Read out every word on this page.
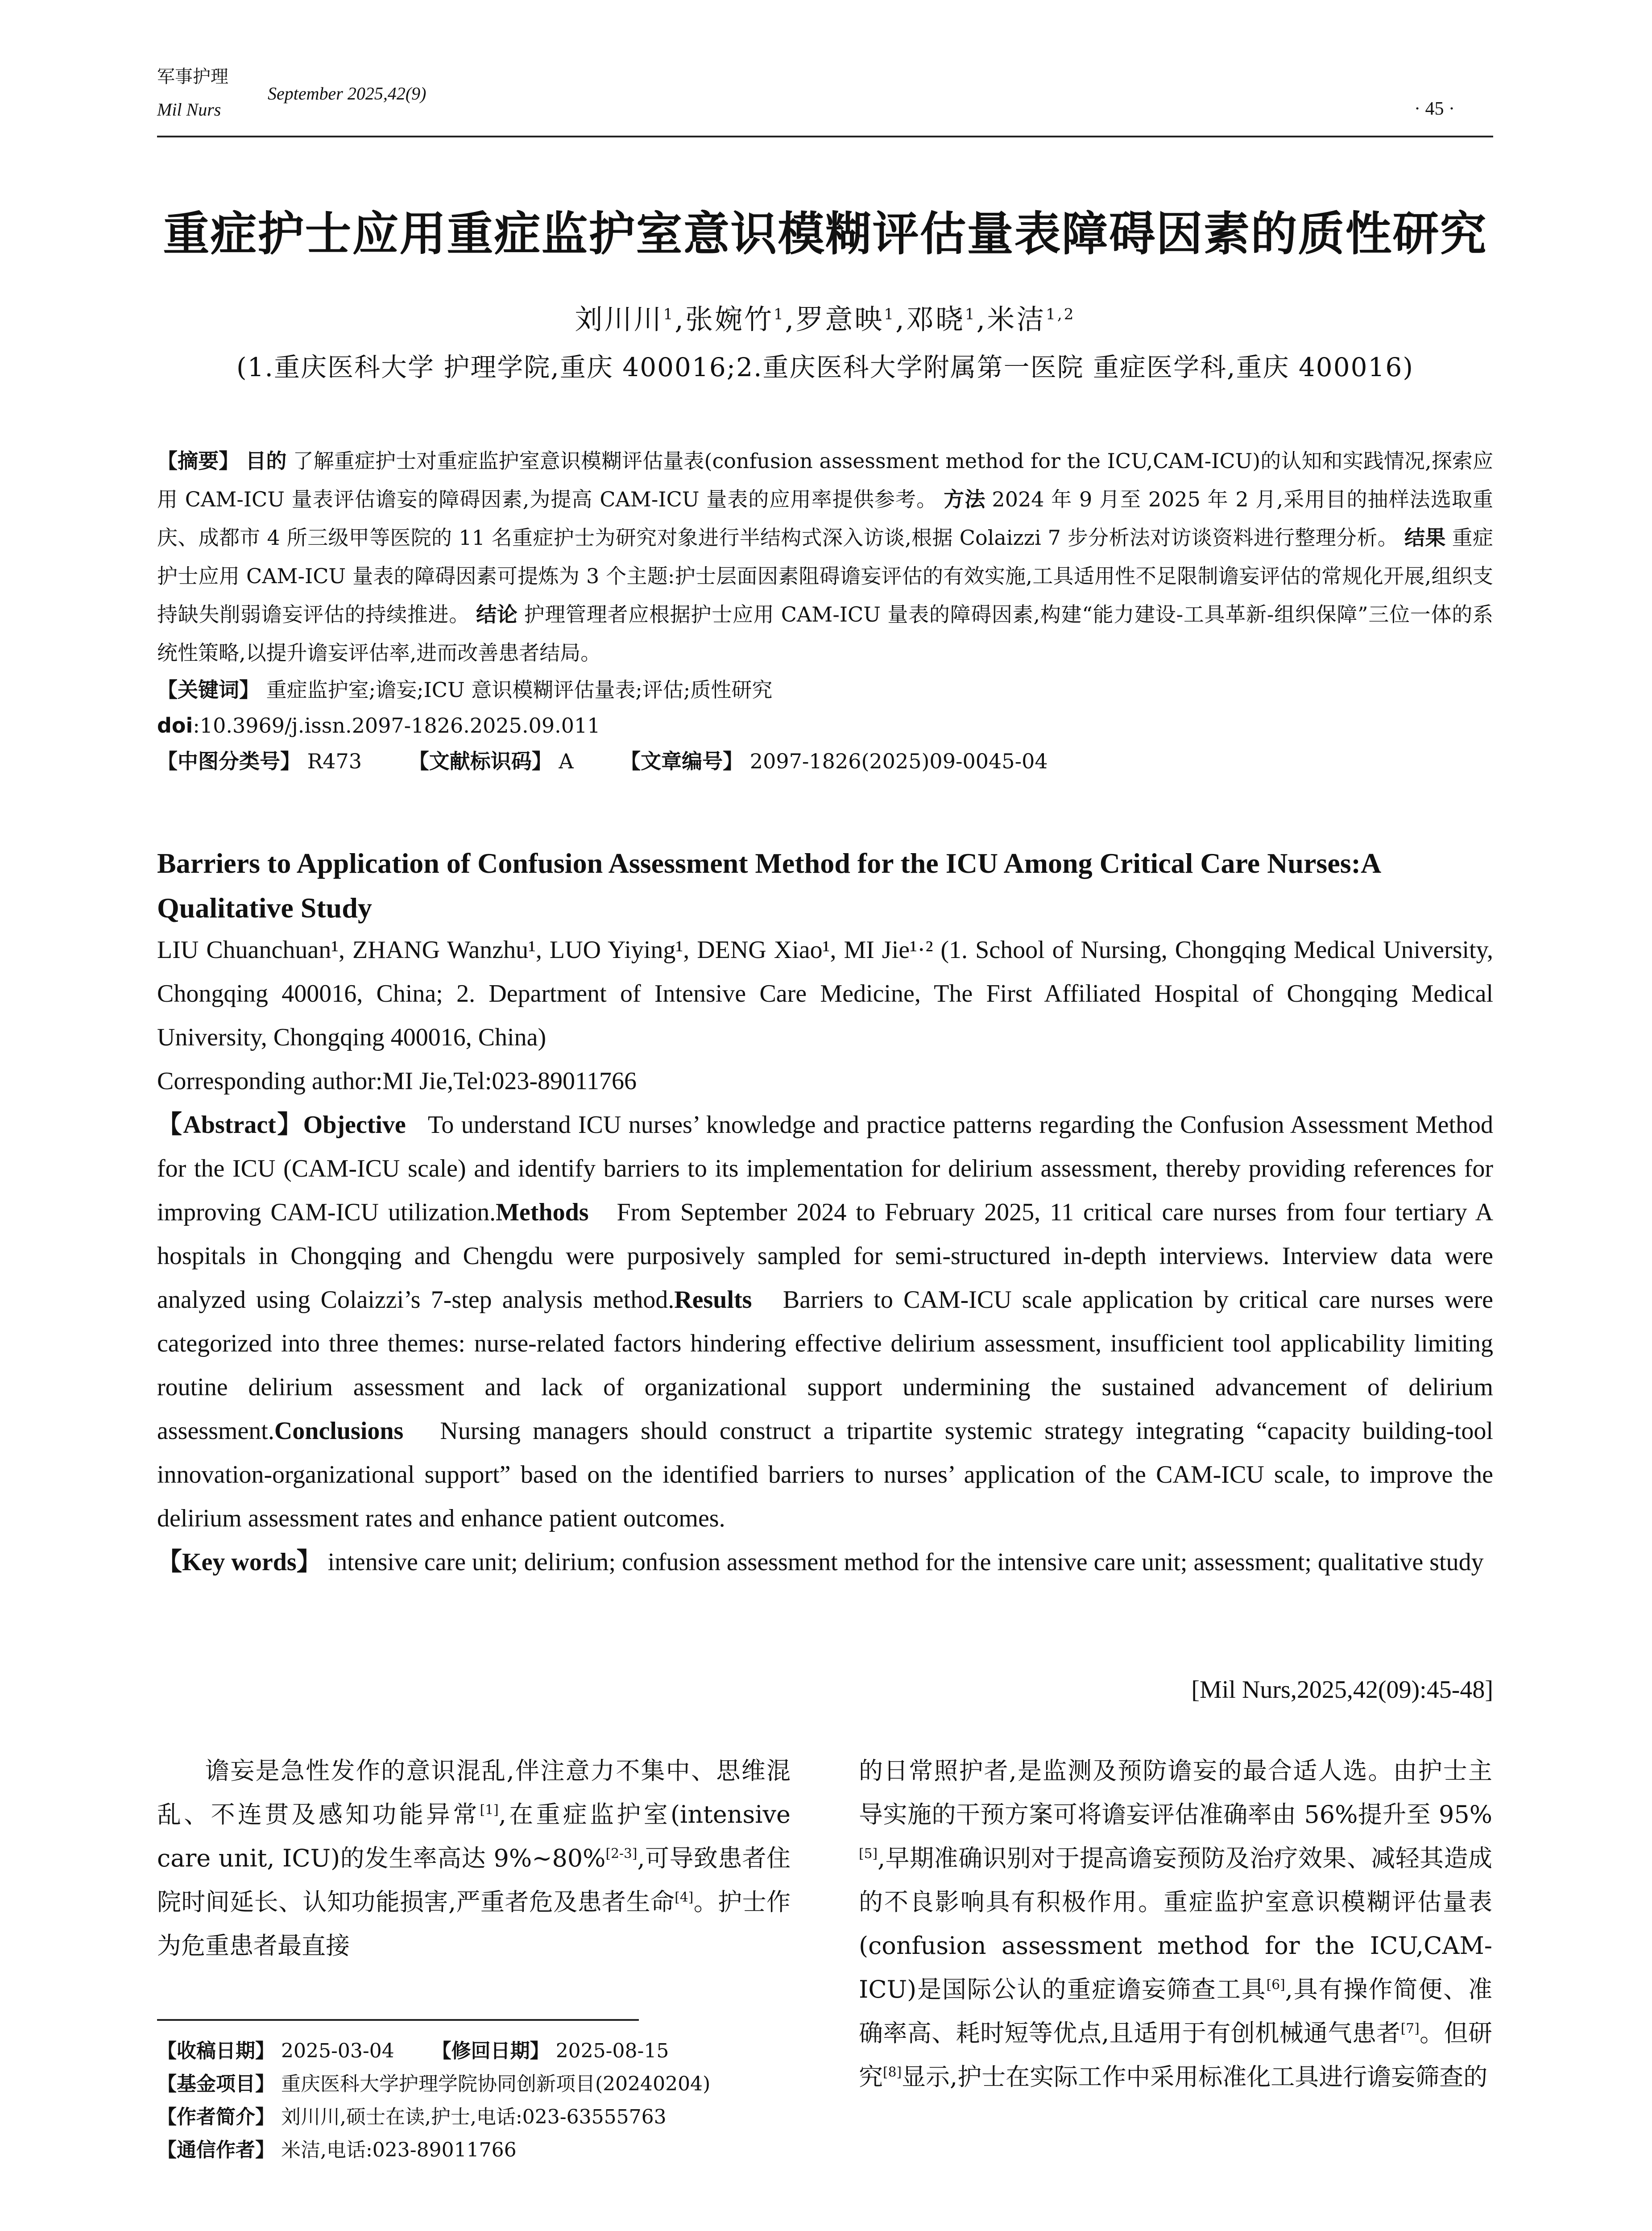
军事护理
Mil Nurs
September 2025,42(9)
· 45 ·
重症护士应用重症监护室意识模糊评估量表障碍因素的质性研究
刘川川$^1$,张婉竹$^1$,罗意映$^1$,邓晓$^1$,米洁$^{1,2}$
(1.重庆医科大学 护理学院,重庆 400016;2.重庆医科大学附属第一医院 重症医学科,重庆 400016)
【摘要】 目的 了解重症护士对重症监护室意识模糊评估量表(confusion assessment method for the ICU,CAM-ICU)的认知和实践情况,探索应用 CAM-ICU 量表评估谵妄的障碍因素,为提高 CAM-ICU 量表的应用率提供参考。 方法 2024 年 9 月至 2025 年 2 月,采用目的抽样法选取重庆、成都市 4 所三级甲等医院的 11 名重症护士为研究对象进行半结构式深入访谈,根据 Colaizzi 7 步分析法对访谈资料进行整理分析。 结果 重症护士应用 CAM-ICU 量表的障碍因素可提炼为 3 个主题:护士层面因素阻碍谵妄评估的有效实施,工具适用性不足限制谵妄评估的常规化开展,组织支持缺失削弱谵妄评估的持续推进。 结论 护理管理者应根据护士应用 CAM-ICU 量表的障碍因素,构建“能力建设-工具革新-组织保障”三位一体的系统性策略,以提升谵妄评估率,进而改善患者结局。
【关键词】 重症监护室;谵妄;ICU 意识模糊评估量表;评估;质性研究
doi:10.3969/j.issn.2097-1826.2025.09.011
【中图分类号】 R473 【文献标识码】 A 【文章编号】 2097-1826(2025)09-0045-04
Barriers to Application of Confusion Assessment Method for the ICU Among Critical Care Nurses:A Qualitative Study
LIU Chuanchuan¹, ZHANG Wanzhu¹, LUO Yiying¹, DENG Xiao¹, MI Jie¹·² (1. School of Nursing, Chongqing Medical University, Chongqing 400016, China; 2. Department of Intensive Care Medicine, The First Affiliated Hospital of Chongqing Medical University, Chongqing 400016, China)
Corresponding author:MI Jie,Tel:023-89011766
【Abstract】Objective To understand ICU nurses’ knowledge and practice patterns regarding the Confusion Assessment Method for the ICU (CAM-ICU scale) and identify barriers to its implementation for delirium assessment, thereby providing references for improving CAM-ICU utilization.Methods From September 2024 to February 2025, 11 critical care nurses from four tertiary A hospitals in Chongqing and Chengdu were purposively sampled for semi-structured in-depth interviews. Interview data were analyzed using Colaizzi’s 7-step analysis method.Results Barriers to CAM-ICU scale application by critical care nurses were categorized into three themes: nurse-related factors hindering effective delirium assessment, insufficient tool applicability limiting routine delirium assessment and lack of organizational support undermining the sustained advancement of delirium assessment.Conclusions Nursing managers should construct a tripartite systemic strategy integrating “capacity building-tool innovation-organizational support” based on the identified barriers to nurses’ application of the CAM-ICU scale, to improve the delirium assessment rates and enhance patient outcomes.
【Key words】 intensive care unit; delirium; confusion assessment method for the intensive care unit; assessment; qualitative study
[Mil Nurs,2025,42(09):45-48]
谵妄是急性发作的意识混乱,伴注意力不集中、思维混乱、不连贯及感知功能异常[1],在重症监护室(intensive care unit, ICU)的发生率高达 9%~80%[2-3],可导致患者住院时间延长、认知功能损害,严重者危及患者生命[4]。护士作为危重患者最直接
的日常照护者,是监测及预防谵妄的最合适人选。由护士主导实施的干预方案可将谵妄评估准确率由 56%提升至 95%[5],早期准确识别对于提高谵妄预防及治疗效果、减轻其造成的不良影响具有积极作用。重症监护室意识模糊评估量表(confusion assessment method for the ICU,CAM-ICU)是国际公认的重症谵妄筛查工具[6],具有操作简便、准确率高、耗时短等优点,且适用于有创机械通气患者[7]。但研究[8]显示,护士在实际工作中采用标准化工具进行谵妄筛查的
【收稿日期】 2025-03-04 【修回日期】 2025-08-15
【基金项目】 重庆医科大学护理学院协同创新项目(20240204)
【作者简介】 刘川川,硕士在读,护士,电话:023-63555763
【通信作者】 米洁,电话:023-89011766
